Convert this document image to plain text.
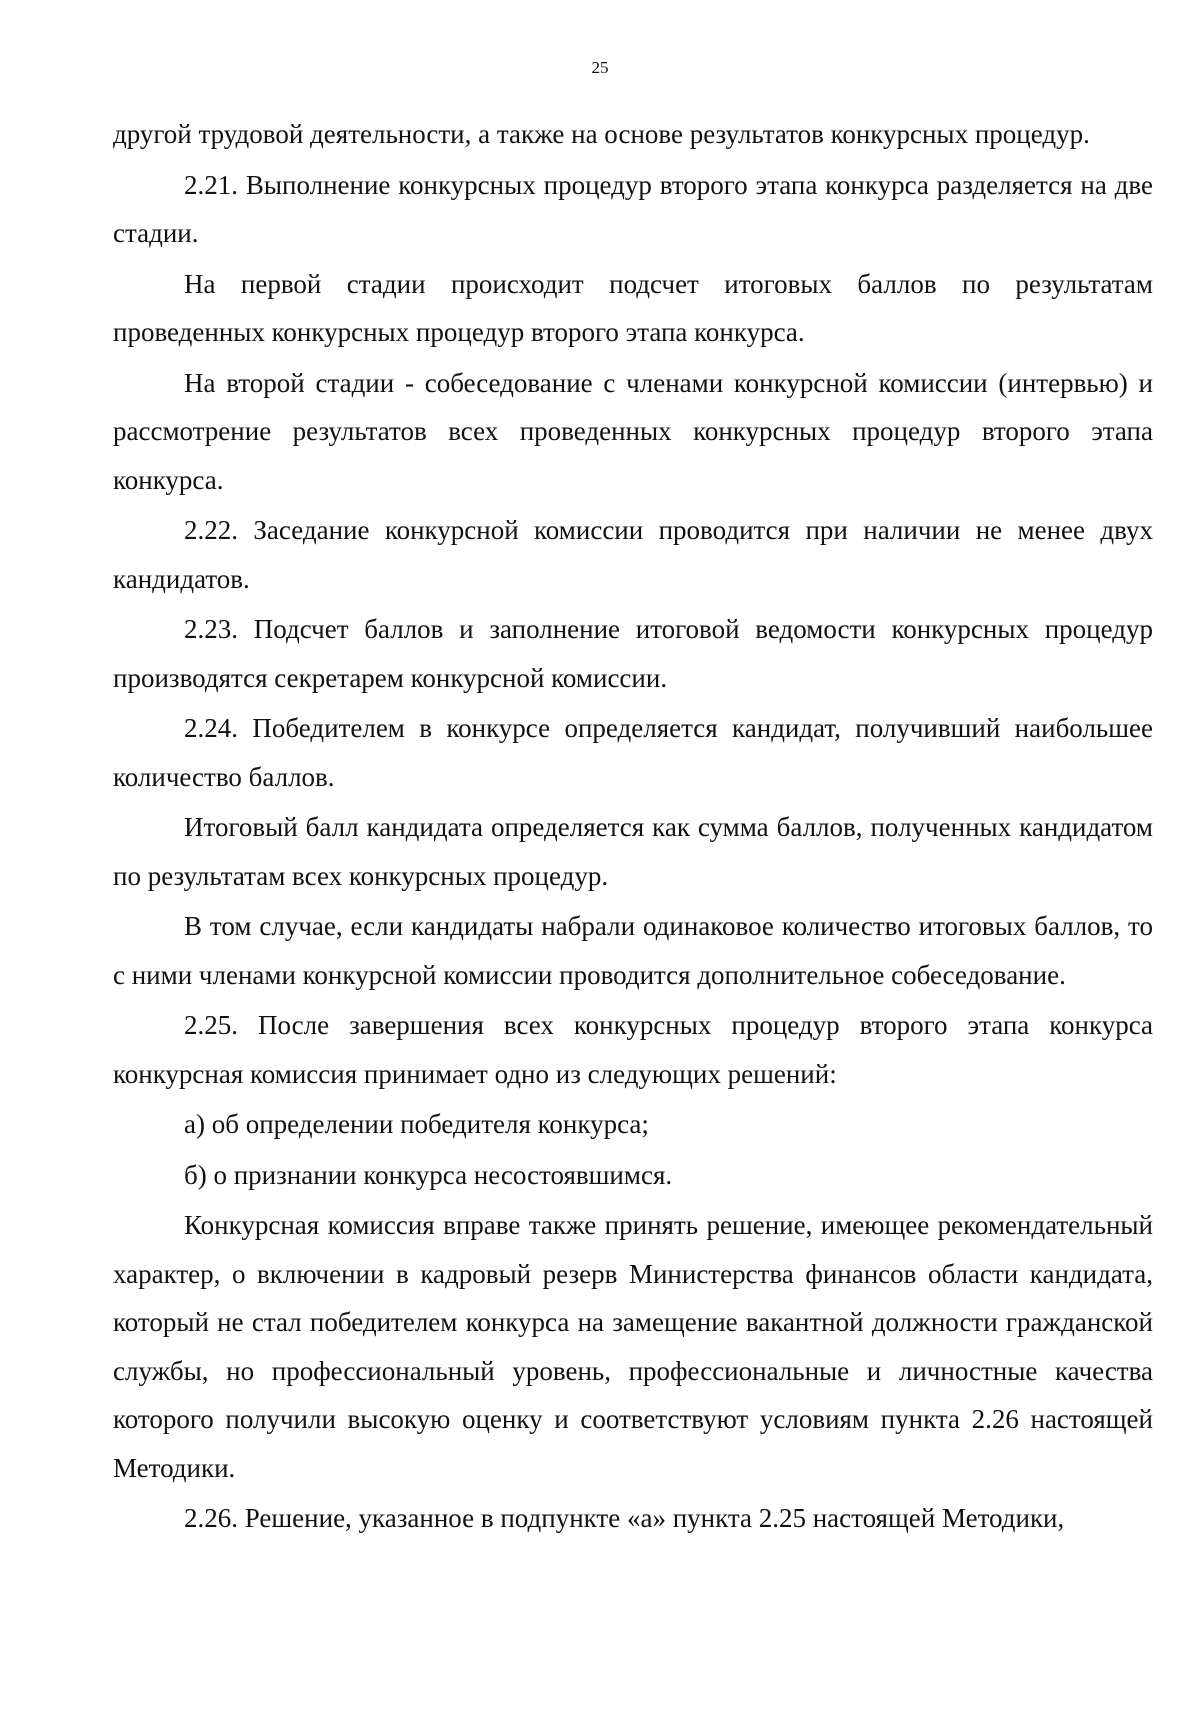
25

другой трудовой деятельности, а также на основе результатов конкурсных процедур.

2.21. Выполнение конкурсных процедур второго этапа конкурса разделяется на две стадии.

На первой стадии происходит подсчет итоговых баллов по результатам проведенных конкурсных процедур второго этапа конкурса.

На второй стадии - собеседование с членами конкурсной комиссии (интервью) и рассмотрение результатов всех проведенных конкурсных процедур второго этапа конкурса.

2.22. Заседание конкурсной комиссии проводится при наличии не менее двух кандидатов.

2.23. Подсчет баллов и заполнение итоговой ведомости конкурсных процедур производятся секретарем конкурсной комиссии.

2.24. Победителем в конкурсе определяется кандидат, получивший наибольшее количество баллов.

Итоговый балл кандидата определяется как сумма баллов, полученных кандидатом по результатам всех конкурсных процедур.

В том случае, если кандидаты набрали одинаковое количество итоговых баллов, то с ними членами конкурсной комиссии проводится дополнительное собеседование.

2.25. После завершения всех конкурсных процедур второго этапа конкурса конкурсная комиссия принимает одно из следующих решений:

а) об определении победителя конкурса;

б) о признании конкурса несостоявшимся.

Конкурсная комиссия вправе также принять решение, имеющее рекомендательный характер, о включении в кадровый резерв Министерства финансов области кандидата, который не стал победителем конкурса на замещение вакантной должности гражданской службы, но профессиональный уровень, профессиональные и личностные качества которого получили высокую оценку и соответствуют условиям пункта 2.26 настоящей Методики.

2.26. Решение, указанное в подпункте «а» пункта 2.25 настоящей Методики,
